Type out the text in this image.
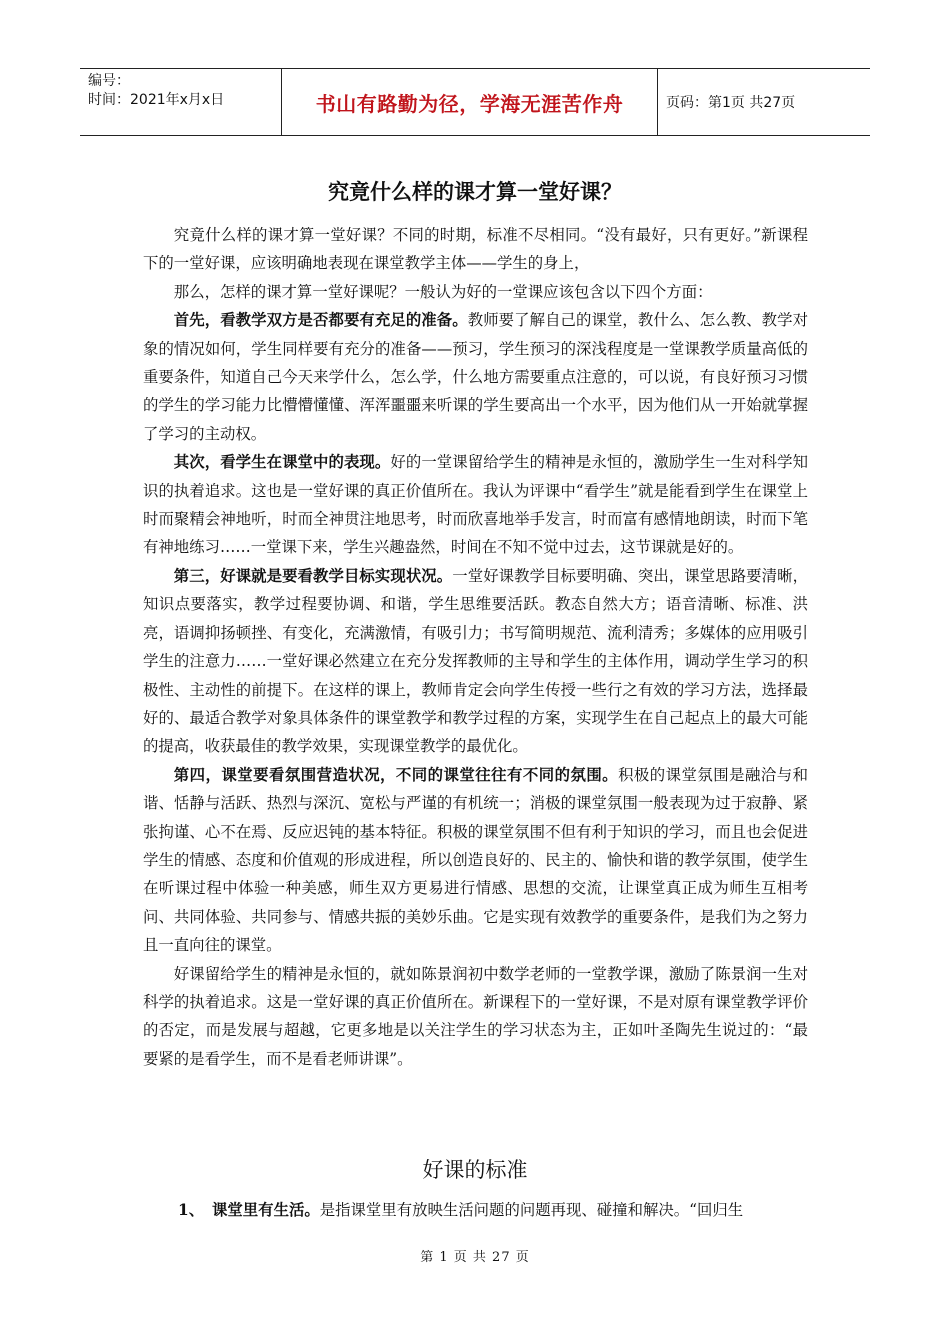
编号：
时间：2021年x月x日	书山有路勤为径，学海无涯苦作舟	页码：第1页 共27页
究竟什么样的课才算一堂好课？

究竟什么样的课才算一堂好课？不同的时期，标准不尽相同。“没有最好，只有更好。”新课程下的一堂好课，应该明确地表现在课堂教学主体——学生的身上，

那么，怎样的课才算一堂好课呢？一般认为好的一堂课应该包含以下四个方面：

首先，看教学双方是否都要有充足的准备。教师要了解自己的课堂，教什么、怎么教、教学对象的情况如何，学生同样要有充分的准备——预习，学生预习的深浅程度是一堂课教学质量高低的重要条件，知道自己今天来学什么，怎么学，什么地方需要重点注意的，可以说，有良好预习习惯的学生的学习能力比懵懵懂懂、浑浑噩噩来听课的学生要高出一个水平，因为他们从一开始就掌握了学习的主动权。

其次，看学生在课堂中的表现。好的一堂课留给学生的精神是永恒的，激励学生一生对科学知识的执着追求。这也是一堂好课的真正价值所在。我认为评课中“看学生”就是能看到学生在课堂上时而聚精会神地听，时而全神贯注地思考，时而欣喜地举手发言，时而富有感情地朗读，时而下笔有神地练习……一堂课下来，学生兴趣盎然，时间在不知不觉中过去，这节课就是好的。

第三，好课就是要看教学目标实现状况。一堂好课教学目标要明确、突出，课堂思路要清晰，知识点要落实，教学过程要协调、和谐，学生思维要活跃。教态自然大方；语音清晰、标准、洪亮，语调抑扬顿挫、有变化，充满激情，有吸引力；书写简明规范、流利清秀；多媒体的应用吸引学生的注意力……一堂好课必然建立在充分发挥教师的主导和学生的主体作用，调动学生学习的积极性、主动性的前提下。在这样的课上，教师肯定会向学生传授一些行之有效的学习方法，选择最好的、最适合教学对象具体条件的课堂教学和教学过程的方案，实现学生在自己起点上的最大可能的提高，收获最佳的教学效果，实现课堂教学的最优化。

第四，课堂要看氛围营造状况，不同的课堂往往有不同的氛围。积极的课堂氛围是融洽与和谐、恬静与活跃、热烈与深沉、宽松与严谨的有机统一；消极的课堂氛围一般表现为过于寂静、紧张拘谨、心不在焉、反应迟钝的基本特征。积极的课堂氛围不但有利于知识的学习，而且也会促进学生的情感、态度和价值观的形成进程，所以创造良好的、民主的、愉快和谐的教学氛围，使学生在听课过程中体验一种美感，师生双方更易进行情感、思想的交流，让课堂真正成为师生互相考问、共同体验、共同参与、情感共振的美妙乐曲。它是实现有效教学的重要条件，是我们为之努力且一直向往的课堂。

好课留给学生的精神是永恒的，就如陈景润初中数学老师的一堂教学课，激励了陈景润一生对科学的执着追求。这是一堂好课的真正价值所在。新课程下的一堂好课，不是对原有课堂教学评价的否定，而是发展与超越，它更多地是以关注学生的学习状态为主，正如叶圣陶先生说过的：“最要紧的是看学生，而不是看老师讲课”。

好课的标准
1、 课堂里有生活。是指课堂里有放映生活问题的问题再现、碰撞和解决。“回归生
第 1 页 共 27 页
